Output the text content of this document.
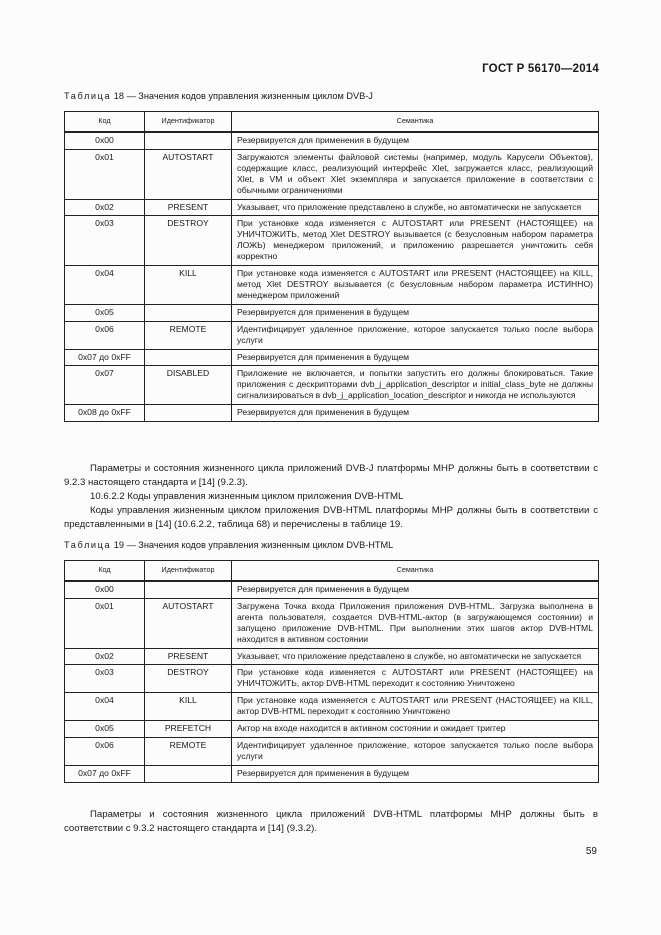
ГОСТ Р 56170—2014
Таблица 18 — Значения кодов управления жизненным циклом DVB-J
Код	Идентификатор	Семантика
0x00		Резервируется для применения в будущем
0x01	AUTOSTART	Загружаются элементы файловой системы (например, модуль Карусели Объектов), содержащие класс, реализующий интерфейс Xlet, загружается класс, реализующий Xlet, в VM и объект Xlet экземпляра и запускается приложение в соответствии с обычными ограничениями
0x02	PRESENT	Указывает, что приложение представлено в службе, но автоматически не запускается
0x03	DESTROY	При установке кода изменяется с AUTOSTART или PRESENT (НАСТОЯЩЕЕ) на УНИЧТОЖИТЬ, метод Xlet DESTROY вызывается (с безусловным набором параметра ЛОЖЬ) менеджером приложений, и приложению разрешается уничтожить себя корректно
0x04	KILL	При установке кода изменяется с AUTOSTART или PRESENT (НАСТОЯЩЕЕ) на KILL, метод Xlet DESTROY вызывается (с безусловным набором параметра ИСТИННО) менеджером приложений
0x05		Резервируется для применения в будущем
0x06	REMOTE	Идентифицирует удаленное приложение, которое запускается только после выбора услуги
0x07 до 0xFF		Резервируется для применения в будущем
0x07	DISABLED	Приложение не включается, и попытки запустить его должны блокироваться. Такие приложения с дескрипторами dvb_j_application_descriptor и initial_class_byte не должны сигнализироваться в dvb_j_application_location_descriptor и никогда не используются
0x08 до 0xFF		Резервируется для применения в будущем

Параметры и состояния жизненного цикла приложений DVB-J платформы МНР должны быть в соответствии с 9.2.3 настоящего стандарта и [14] (9.2.3).

10.6.2.2 Коды управления жизненным циклом приложения DVB-HTML

Коды управления жизненным циклом приложения DVB-HTML платформы МНР должны быть в соответствии с представленными в [14] (10.6.2.2, таблица 68) и перечислены в таблице 19.

Таблица 19 — Значения кодов управления жизненным циклом DVB-HTML
Код	Идентификатор	Семантика
0x00		Резервируется для применения в будущем
0x01	AUTOSTART	Загружена Точка входа Приложения приложения DVB-HTML. Загрузка выполнена в агента пользователя, создается DVB-HTML-актор (в загружающемся состоянии) и запущено приложение DVB-HTML. При выполнении этих шагов актор DVB-HTML находится в активном состоянии
0x02	PRESENT	Указывает, что приложение представлено в службе, но автоматически не запускается
0x03	DESTROY	При установке кода изменяется с AUTOSTART или PRESENT (НАСТОЯЩЕЕ) на УНИЧТОЖИТЬ, актор DVB-HTML переходит к состоянию Уничтожено
0x04	KILL	При установке кода изменяется с AUTOSTART или PRESENT (НАСТОЯЩЕЕ) на KILL, актор DVB-HTML переходит к состоянию Уничтожено
0x05	PREFETCH	Актор на входе находится в активном состоянии и ожидает триггер
0x06	REMOTE	Идентифицирует удаленное приложение, которое запускается только после выбора услуги
0x07 до 0xFF		Резервируется для применения в будущем

Параметры и состояния жизненного цикла приложений DVB-HTML платформы МНР должны быть в соответствии с 9.3.2 настоящего стандарта и [14] (9.3.2).

59
